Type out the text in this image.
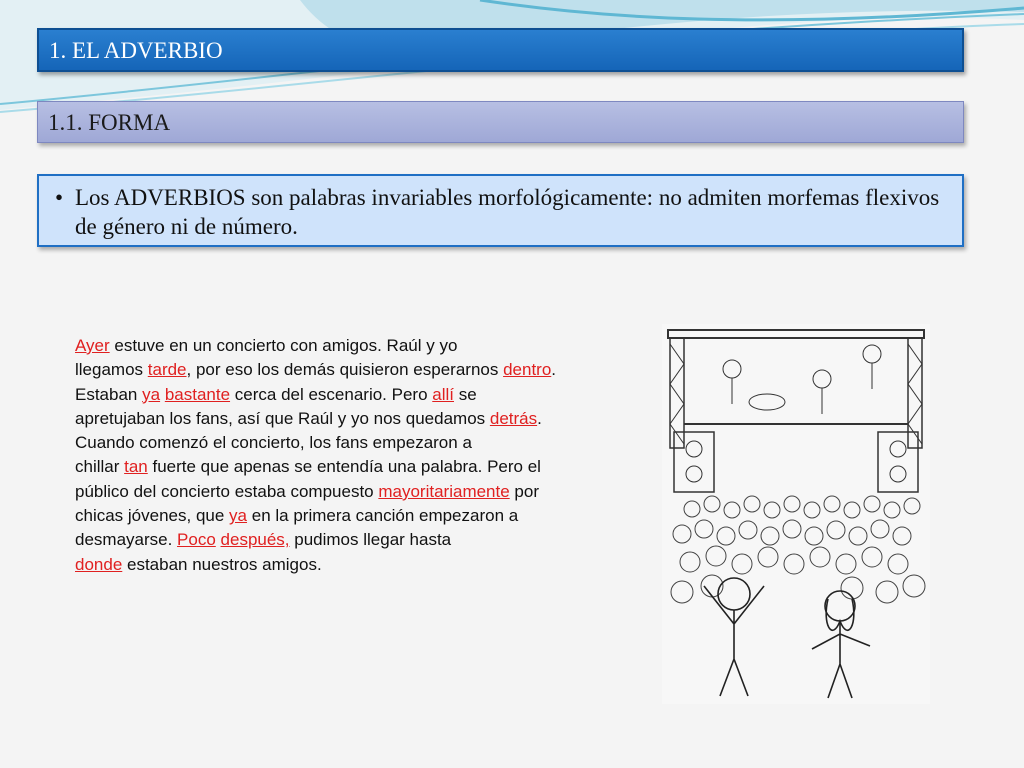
1. EL ADVERBIO
1.1. FORMA
• Los ADVERBIOS son palabras invariables morfológicamente: no admiten morfemas flexivos de género ni de número.
Ayer estuve en un concierto con amigos. Raúl y yo
llegamos tarde, por eso los demás quisieron esperarnos dentro.
Estaban ya bastante cerca del escenario. Pero allí se
apretujaban los fans, así que Raúl y yo nos quedamos detrás.
Cuando comenzó el concierto, los fans empezaron a
chillar tan fuerte que apenas se entendía una palabra. Pero el
público del concierto estaba compuesto mayoritariamente por
chicas jóvenes, que ya en la primera canción empezaron a
desmayarse. Poco después, pudimos llegar hasta
donde estaban nuestros amigos.
